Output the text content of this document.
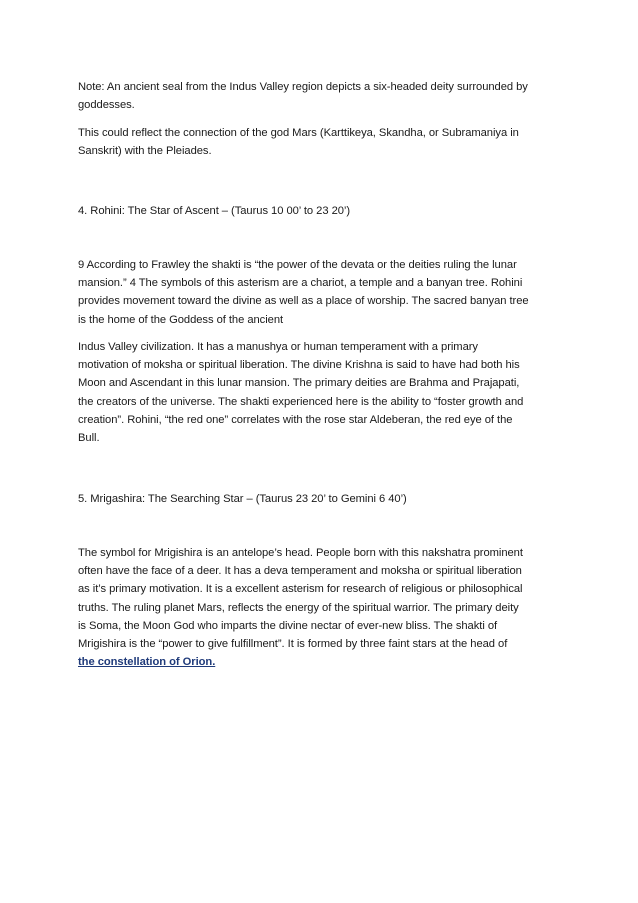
Note: An ancient seal from the Indus Valley region depicts a six-headed deity surrounded by
goddesses.

This could reflect the connection of the god Mars (Karttikeya, Skandha, or Subramaniya in
Sanskrit) with the Pleiades.

4. Rohini: The Star of Ascent – (Taurus 10 00’ to 23 20’)

9 According to Frawley the shakti is “the power of the devata or the deities ruling the lunar
mansion.” 4 The symbols of this asterism are a chariot, a temple and a banyan tree. Rohini
provides movement toward the divine as well as a place of worship. The sacred banyan tree
is the home of the Goddess of the ancient

Indus Valley civilization. It has a manushya or human temperament with a primary
motivation of moksha or spiritual liberation. The divine Krishna is said to have had both his
Moon and Ascendant in this lunar mansion. The primary deities are Brahma and Prajapati,
the creators of the universe. The shakti experienced here is the ability to “foster growth and
creation”. Rohini, “the red one” correlates with the rose star Aldeberan, the red eye of the
Bull.

5. Mrigashira: The Searching Star – (Taurus 23 20’ to Gemini 6 40’)

The symbol for Mrigishira is an antelope’s head. People born with this nakshatra prominent
often have the face of a deer. It has a deva temperament and moksha or spiritual liberation
as it’s primary motivation. It is a excellent asterism for research of religious or philosophical
truths. The ruling planet Mars, reflects the energy of the spiritual warrior. The primary deity
is Soma, the Moon God who imparts the divine nectar of ever-new bliss. The shakti of
Mrigishira is the “power to give fulfillment”. It is formed by three faint stars at the head of
the constellation of Orion.
